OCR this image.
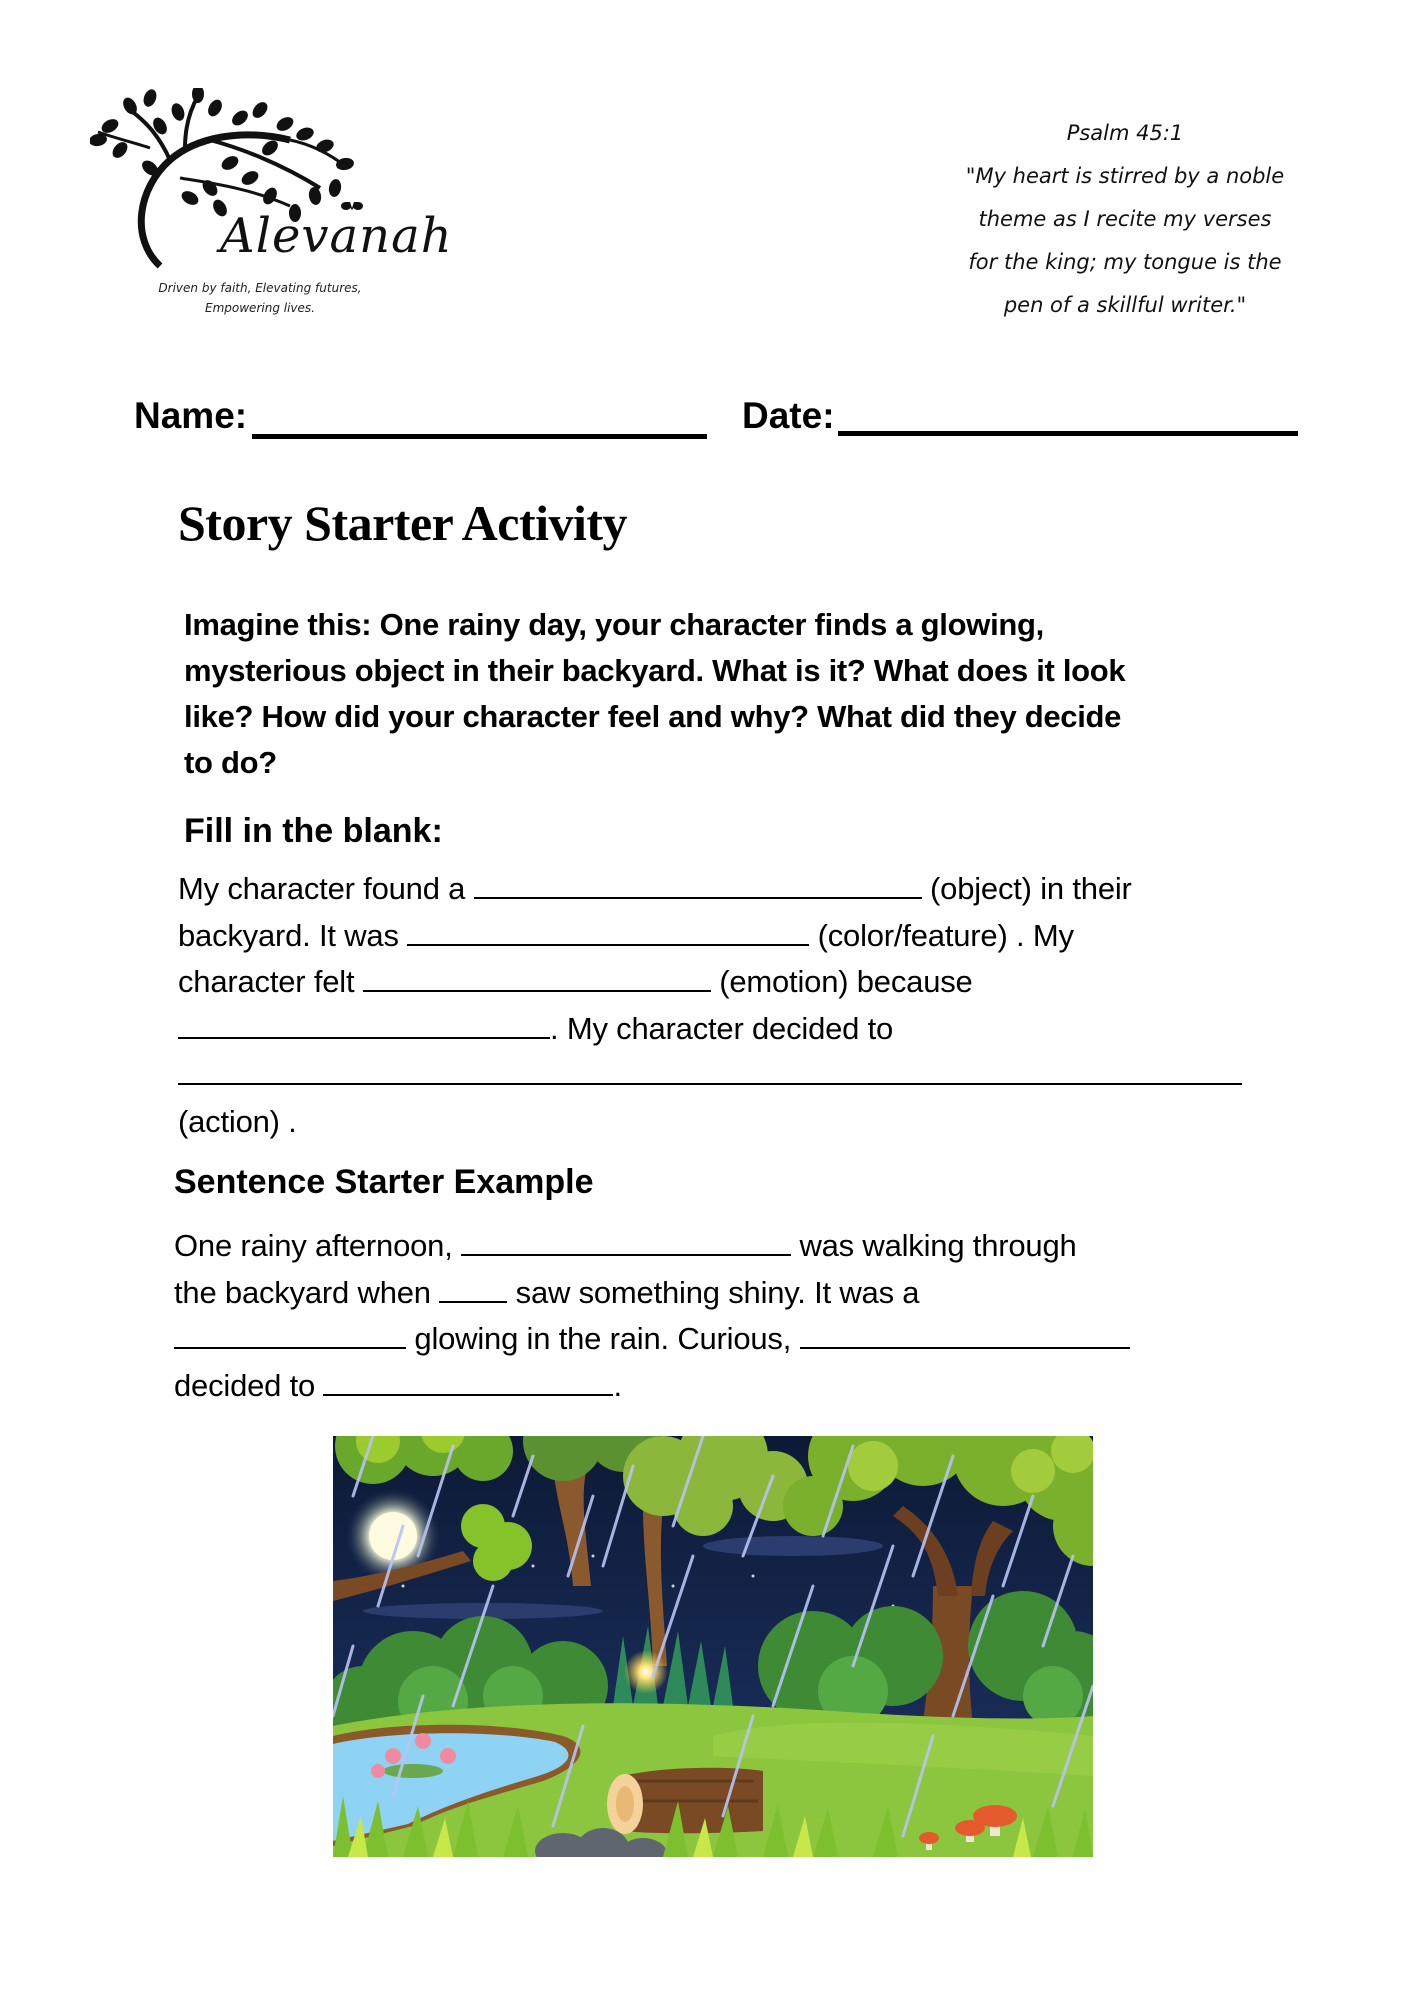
Alevanah
Driven by faith, Elevating futures,
Empowering lives.
Psalm 45:1
"My heart is stirred by a noble
theme as I recite my verses
for the king; my tongue is the
pen of a skillful writer."
Name:	Date:
Story Starter Activity
Imagine this: One rainy day, your character finds a glowing,
mysterious object in their backyard. What is it? What does it look
like? How did your character feel and why? What did they decide
to do?
Fill in the blank:
My character found a	(object) in their
backyard. It was	(color/feature) . My
character felt	(emotion) because
. My character decided to
(action) .
Sentence Starter Example
One rainy afternoon,	was walking through
the backyard when  saw something shiny. It was a
glowing in the rain. Curious,
decided to	.
